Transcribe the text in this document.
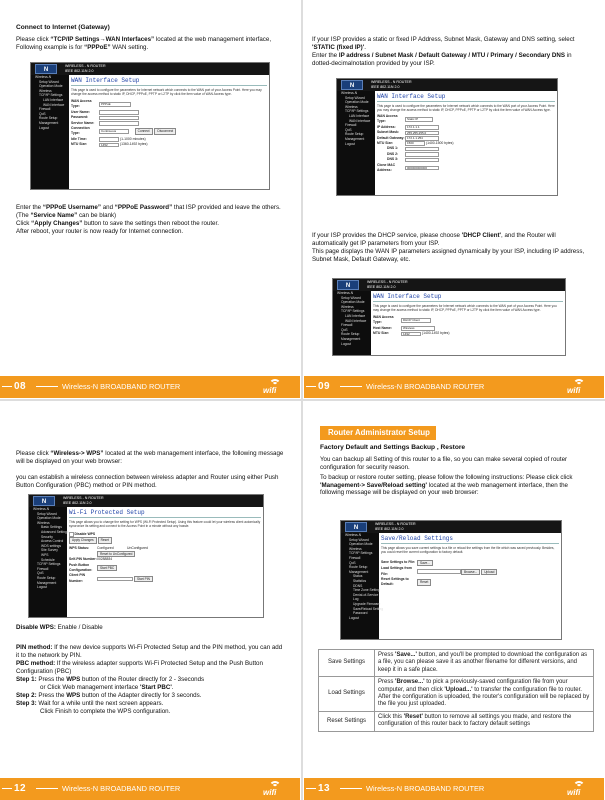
Connect to Internet (Gateway)
Please click “TCP/IP Settings→WAN Interfaces” located at the web management interface, Following example is for “PPPoE” WAN setting.
N
WIRELESS - N ROUTER
IEEE 802.11N 2.0
Wireless-N
Setup Wizard
Operation Mode
Wireless
TCP/IP Settings
LAN Interface
WAN Interface
Firewall
QoS
Route Setup
Management
Logout
WAN Interface Setup
This page is used to configure the parameters for Internet network which connects to the WAN port of your Access Point. Here you may change the access method to static IP, DHCP, PPPoE, PPTP or L2TP by click the item value of WAN Access type.
WAN Access Type:
PPPoE
User Name:
Password:
Service Name:
Connection Type:
Continuous
	Connect
	Disconnect
Idle Time:
	(1-1000 minutes)
MTU Size:	1452
	(1360-1492 bytes)
Enter the “PPPoE Username” and “PPPoE Password” that ISP provided and leave the others. (The “Service Name” can be blank)
Click “Apply Changes” button to save the settings then reboot the router.
After reboot, your router is now ready for Internet connection.
08	Wireless-N BROADBAND ROUTER	wifi
If your ISP provides a static or fixed IP Address, Subnet Mask, Gateway and DNS setting, select 'STATIC (fixed IP)'.
Enter the IP address / Subnet Mask / Default Gateway / MTU / Primary / Secondary DNS in dotted-decimalnotation provided by your ISP.
N
WIRELESS - N ROUTER
IEEE 802.11N 2.0
Wireless-N
Setup Wizard
Operation Mode
Wireless
TCP/IP Settings
LAN Interface
WAN Interface
Firewall
QoS
Route Setup
Management
Logout
WAN Interface Setup
This page is used to configure the parameters for Internet network which connects to the WAN port of your Access Point. Here you may change the access method to static IP, DHCP, PPPoE, PPTP or L2TP by click the item value of WAN Access type.
WAN Access Type:
Static IP
IP Address:	172.1.1.1
Subnet Mask:	255.255.255.0
Default Gateway: 172.1.1.254
MTU Size:	1500
	(1400-1500 bytes)
DNS 1:
DNS 2:
DNS 3:
Clone MAC Address:
000000000000
If your ISP provides the DHCP service, please choose 'DHCP Client', and the Router will automatically get IP parameters from your ISP.
This page displays the WAN IP parameters assigned dynamically by your ISP, including IP address, Subnet Mask, Default Gateway, etc.
N
WIRELESS - N ROUTER
IEEE 802.11N 2.0
Wireless-N
Setup Wizard
Operation Mode
Wireless
TCP/IP Settings
LAN Interface
WAN Interface
Firewall
QoS
Route Setup
Management
Logout
WAN Interface Setup
This page is used to configure the parameters for Internet network which connects to the WAN port of your Access Point. Here you may change the access method to static IP, DHCP, PPPoE, PPTP or L2TP by click the item value of WAN Access type.
WAN Access Type:
DHCP Client
Host Name:	Wireless
MTU Size:	1492
	(1400-1492 bytes)
09	Wireless-N BROADBAND ROUTER	wifi
Please click “Wireless-> WPS” located at the web management interface, the following message will be displayed on your web browser:
you can establish a wireless connection between wireless adapter and Router using either Push Button Configuration (PBC) method or PIN method.
N
WIRELESS - N ROUTER
IEEE 802.11N 2.0
Wireless-N
Setup Wizard
Operation Mode
Wireless
Basic Settings
Advanced Settings
Security
Access Control
WDS settings
Site Survey
WPS
Schedule
TCP/IP Settings
Firewall
QoS
Route Setup
Management
Logout
Wi-Fi Protected Setup
This page allows you to change the setting for WPS (Wi-Fi Protected Setup). Using this feature could let your wireless client automically syncronize its setting and connect to the Access Point in a minute without any hassle.

Disable WPS
Apply Changes
	Reset
WPS Status:	Configured	UnConfigured
Reset to UnConfigured
Self-PIN Number: 00288884
Push Button Configuration:
Start PBC
Client PIN Number:

Start PIN
Disable WPS: Enable / Disable
PIN method: If the new device supports Wi-Fi Protected Setup and the PIN method, you can add it to the network by PIN.
PBC method: If the wireless adapter supports Wi-Fi Protected Setup and the Push Button Configuration (PBC)
Step 1: Press the WPS button of the Router directly for 2 - 3seconds
or Click Web management interface 'Start PBC'.
Step 2: Press the WPS button of the Adapter directly for 3 seconds.
Step 3: Wait for a while until the next screen appears.
Click Finish to complete the WPS configuration.
12	Wireless-N BROADBAND ROUTER	wifi
Router Administrator Setup
Factory Default and Settings Backup , Restore
You can backup all Setting of this router to a file, so you can make several copied of router configuration for security reason.
To backup or restore router setting, please follow the following instructions: Please click click 'Management-> Save/Reload setting' located at the web management interface, then the following message will be displayed on your web browser:
N
WIRELESS - N ROUTER
IEEE 802.11N 2.0
Wireless-N
Setup Wizard
Operation Mode
Wireless
TCP/IP Settings
Firewall
QoS
Route Setup
Management
Status
Statistics
DDNS
Time Zone Setting
Denial-of-Service
Log
Upgrade Firmware
Save/Reload Setting
Password
Logout
Save/Reload Settings
This page allows you save current settings to a file or reload the settings from the file which was saved previously. Besides, you could reset the current configuration to factory default.
Save Settings to File:	Save...
Load Settings from File:
Browse...
	Upload
Reset Settings to Default:
Reset
Save Settings	Press 'Save...' button, and you'll be prompted to download the configuration as a file, you can please save it as another filename for different versions, and keep it in a safe place.
Load Settings	Press 'Browse...' to pick a previously-saved configuration file from your computer, and then click 'Upload...' to transfer the configuration file to router. After the configuration is uploaded, the router's configuration will be replaced by the file you just uploaded.
Reset Settings	Click this 'Reset' button to remove all settings you made, and restore the configuration of this router back to factory default settings
13	Wireless-N BROADBAND ROUTER	wifi
